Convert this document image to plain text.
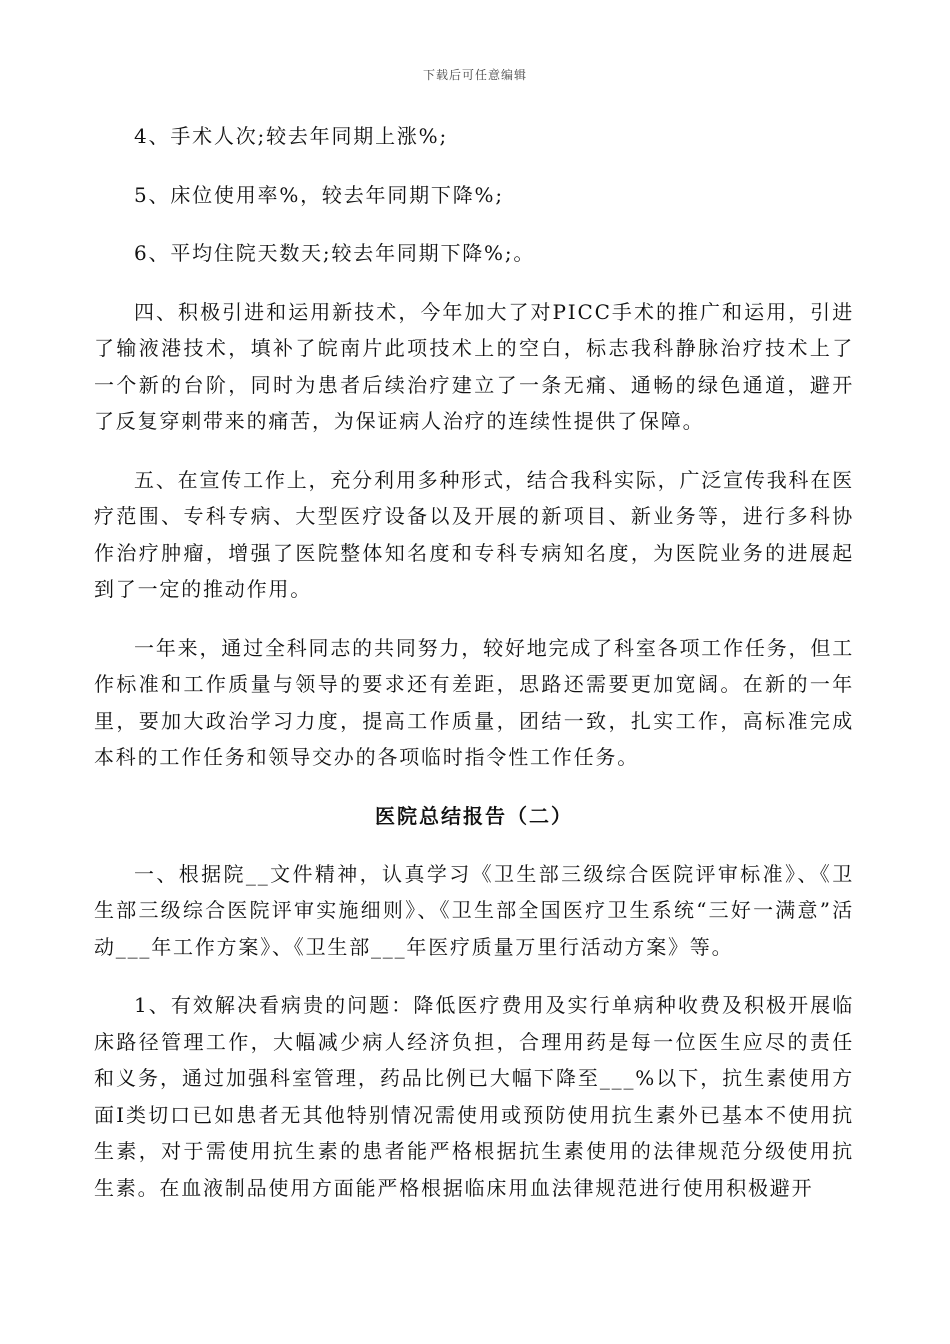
下载后可任意编辑

4、手术人次;较去年同期上涨%;

5、床位使用率%，较去年同期下降%;

6、平均住院天数天;较去年同期下降%;。

四、积极引进和运用新技术，今年加大了对PICC手术的推广和运用，引进了输液港技术，填补了皖南片此项技术上的空白，标志我科静脉治疗技术上了一个新的台阶，同时为患者后续治疗建立了一条无痛、通畅的绿色通道，避开了反复穿刺带来的痛苦，为保证病人治疗的连续性提供了保障。

五、在宣传工作上，充分利用多种形式，结合我科实际，广泛宣传我科在医疗范围、专科专病、大型医疗设备以及开展的新项目、新业务等，进行多科协作治疗肿瘤，增强了医院整体知名度和专科专病知名度，为医院业务的进展起到了一定的推动作用。

一年来，通过全科同志的共同努力，较好地完成了科室各项工作任务，但工作标准和工作质量与领导的要求还有差距，思路还需要更加宽阔。在新的一年里，要加大政治学习力度，提高工作质量，团结一致，扎实工作，高标准完成本科的工作任务和领导交办的各项临时指令性工作任务。

医院总结报告（二）

一、根据院__文件精神，认真学习《卫生部三级综合医院评审标准》、《卫生部三级综合医院评审实施细则》、《卫生部全国医疗卫生系统“三好一满意”活动___年工作方案》、《卫生部___年医疗质量万里行活动方案》等。

1、有效解决看病贵的问题：降低医疗费用及实行单病种收费及积极开展临床路径管理工作，大幅减少病人经济负担，合理用药是每一位医生应尽的责任和义务，通过加强科室管理，药品比例已大幅下降至___%以下，抗生素使用方面Ⅰ类切口已如患者无其他特别情况需使用或预防使用抗生素外已基本不使用抗生素，对于需使用抗生素的患者能严格根据抗生素使用的法律规范分级使用抗生素。在血液制品使用方面能严格根据临床用血法律规范进行使用积极避开
